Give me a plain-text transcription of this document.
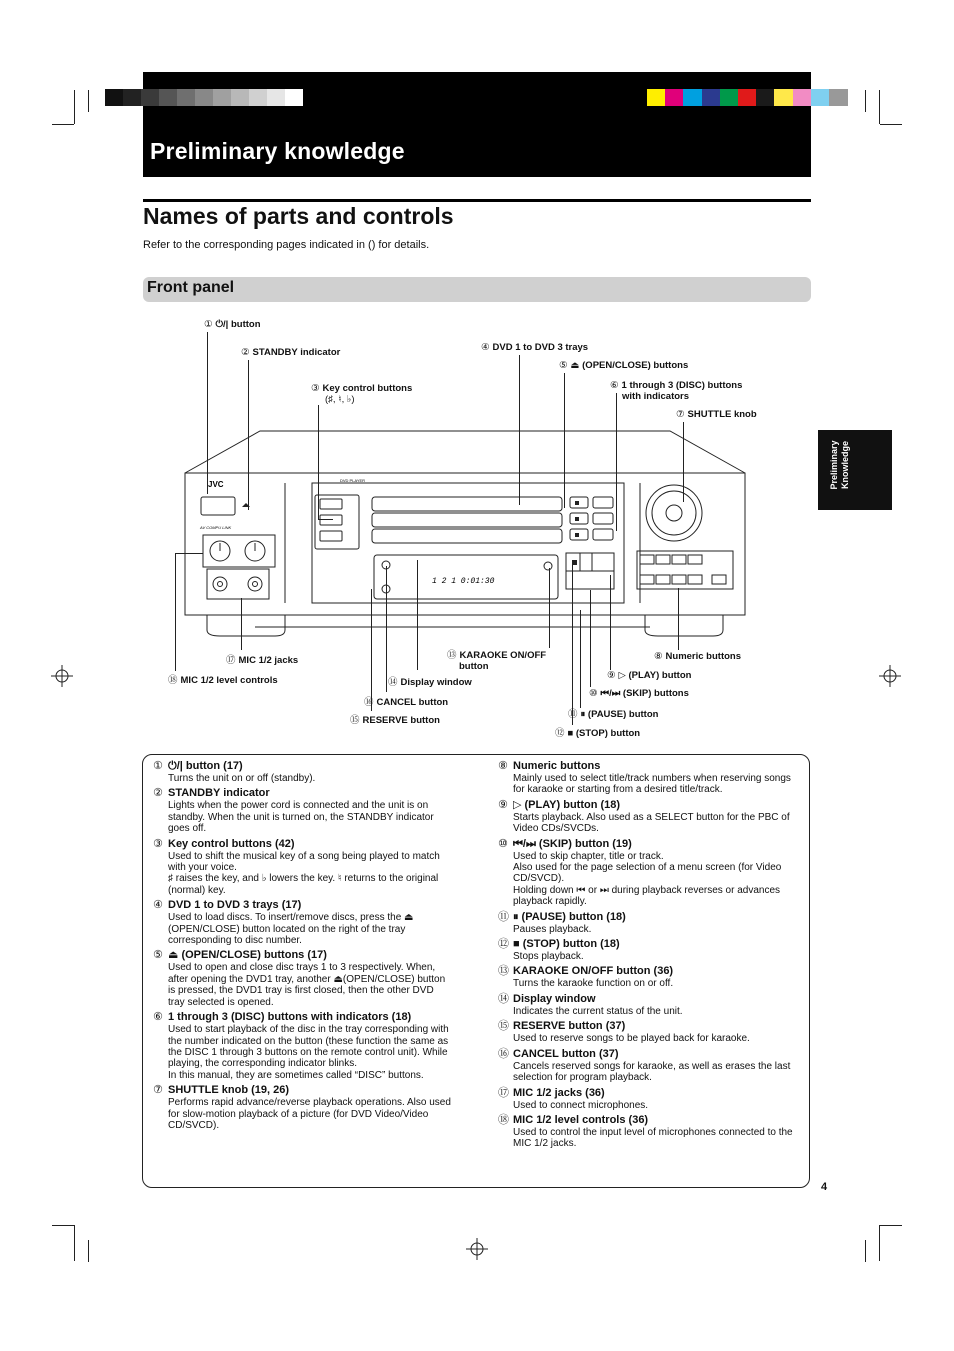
Preliminary knowledge
Names of parts and controls
Refer to the corresponding pages indicated in () for details.
Front panel
Preliminary Knowledge
JVC	DVD PLAYER
AV COMPU LINK
1 2 1 0:01:30
① ⏻/| button
② STANDBY indicator
③ Key control buttons
(♯, ♮, ♭)
④ DVD 1 to DVD 3 trays
⑤ ⏏ (OPEN/CLOSE) buttons
⑥ 1 through 3 (DISC) buttons
with indicators
⑦ SHUTTLE knob
⑧ Numeric buttons
⑨ ▷ (PLAY) button
⑩ ⏮/⏭ (SKIP) buttons
⑪ ⏸ (PAUSE) button
⑫ ■ (STOP) button
⑬ KARAOKE ON/OFF
button
⑭ Display window
⑮ RESERVE button
⑯ CANCEL button
⑰ MIC 1/2 jacks
⑱ MIC 1/2 level controls
① ⏻/| button (17)
Turns the unit on or off (standby).
② STANDBY indicator
Lights when the power cord is connected and the unit is on standby. When the unit is turned on, the STANDBY indicator goes off.
③ Key control buttons (42)
Used to shift the musical key of a song being played to match with your voice.
♯ raises the key, and ♭ lowers the key. ♮ returns to the original (normal) key.
④ DVD 1 to DVD 3 trays (17)
Used to load discs. To insert/remove discs, press the ⏏ (OPEN/CLOSE) button located on the right of the tray corresponding to disc number.
⑤ ⏏ (OPEN/CLOSE) buttons (17)
Used to open and close disc trays 1 to 3 respectively. When, after opening the DVD1 tray, another ⏏(OPEN/CLOSE) button is pressed, the DVD1 tray is first closed, then the other DVD tray selected is opened.
⑥ 1 through 3 (DISC) buttons with indicators (18)
Used to start playback of the disc in the tray corresponding with the number indicated on the button (these function the same as the DISC 1 through 3 buttons on the remote control unit). While playing, the corresponding indicator blinks.
In this manual, they are sometimes called “DISC” buttons.
⑦ SHUTTLE knob (19, 26)
Performs rapid advance/reverse playback operations. Also used for slow-motion playback of a picture (for DVD Video/Video CD/SVCD).
⑧ Numeric buttons
Mainly used to select title/track numbers when reserving songs for karaoke or starting from a desired title/track.
⑨ ▷ (PLAY) button (18)
Starts playback. Also used as a SELECT button for the PBC of Video CDs/SVCDs.
⑩ ⏮/⏭ (SKIP) button (19)
Used to skip chapter, title or track.
Also used for the page selection of a menu screen (for Video CD/SVCD).
Holding down ⏮ or ⏭ during playback reverses or advances playback rapidly.
⑪ ⏸ (PAUSE) button (18)
Pauses playback.
⑫ ■ (STOP) button (18)
Stops playback.
⑬ KARAOKE ON/OFF button (36)
Turns the karaoke function on or off.
⑭ Display window
Indicates the current status of the unit.
⑮ RESERVE button (37)
Used to reserve songs to be played back for karaoke.
⑯ CANCEL button (37)
Cancels reserved songs for karaoke, as well as erases the last selection for program playback.
⑰ MIC 1/2 jacks (36)
Used to connect microphones.
⑱ MIC 1/2 level controls (36)
Used to control the input level of microphones connected to the MIC 1/2 jacks.
4
